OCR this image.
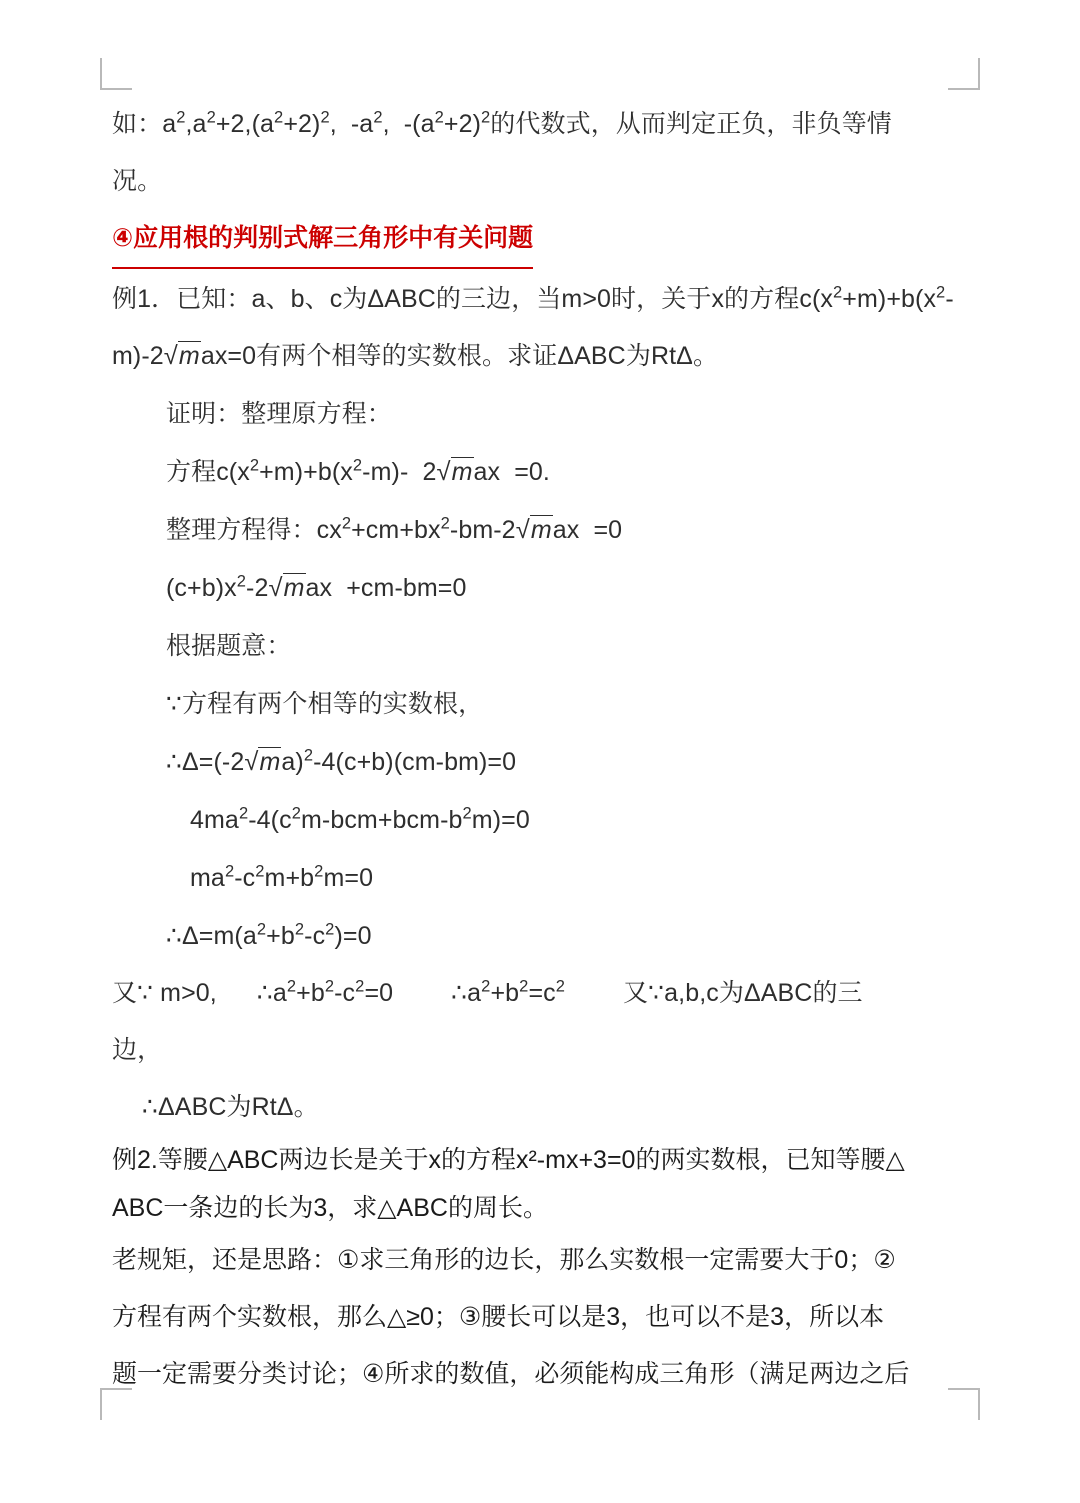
如：$a^2,a^2+2,(a^2+2)^2$,  $-a^2$,  $-(a^2+2)^2$的代数式，从而判定正负，非负等情
况。
④应用根的判别式解三角形中有关问题
例1．已知：a、b、c为ΔABC的三边，当m>0时，关于x的方程$c(x^2+m)+b(x^2-m)-2√\max=0$有两个相等的实数根。求证ΔABC为RtΔ。
证明：整理原方程：
方程$c(x^2+m)+b(x^2-m)-$  2√max  =0.
整理方程得：$cx^2+cm+bx^2-bm-2√\max =0$
$(c+b)x^2-2√\max +cm-bm=0$
根据题意：
∵方程有两个相等的实数根，
$\therefore\Delta=(-2√ma)^2-4(c+b)(cm-bm)=0$
$4ma^2-4(c^2m-bcm+bcm-b^2m)=0$
$ma^2-c^2m+b^2m=0$
$\therefore\Delta=m(a^2+b^2-c^2)=0$
又∵ m>0, $\therefore a^2+b^2-c^2=0$ $\therefore a^2+b^2=c^2$ 又∵a,b,c为ΔABC的三
边，
∴ΔABC为RtΔ。
例2.等腰△ABC两边长是关于x的方程x²-mx+3=0的两实数根，已知等腰△
ABC一条边的长为3，求△ABC的周长。
老规矩，还是思路：①求三角形的边长，那么实数根一定需要大于0；②
方程有两个实数根，那么△≥0；③腰长可以是3，也可以不是3，所以本
题一定需要分类讨论；④所求的数值，必须能构成三角形（满足两边之后
